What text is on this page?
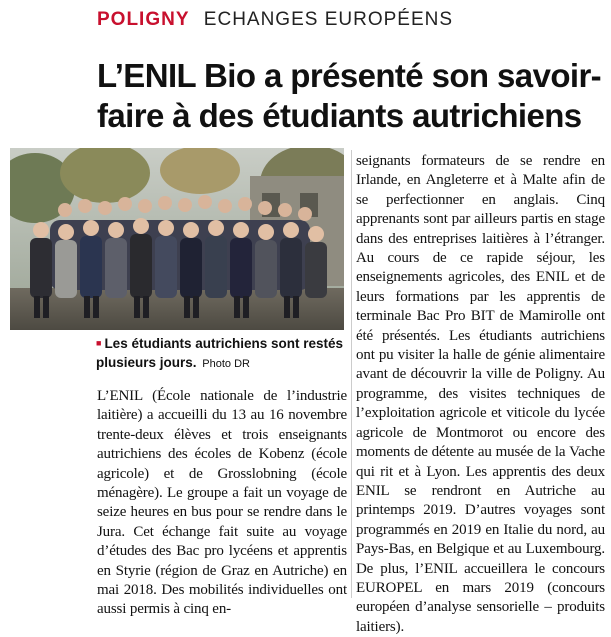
POLIGNY ECHANGES EUROPÉENS
L’ENIL Bio a présenté son savoir-faire à des étudiants autrichiens
■ Les étudiants autrichiens sont restés plusieurs jours. Photo DR
L’ENIL (École nationale de l’industrie laitière) a accueilli du 13 au 16 novembre trente-deux élèves et trois enseignants autrichiens des écoles de Kobenz (école agricole) et de Grosslobning (école ménagère). Le groupe a fait un voyage de seize heures en bus pour se rendre dans le Jura. Cet échange fait suite au voyage d’études des Bac pro lycéens et apprentis en Styrie (région de Graz en Autriche) en mai 2018. Des mobilités individuelles ont aussi permis à cinq en-
seignants formateurs de se rendre en Irlande, en Angleterre et à Malte afin de se perfectionner en anglais. Cinq apprenants sont par ailleurs partis en stage dans des entreprises laitières à l’étranger. Au cours de ce rapide séjour, les enseignements agricoles, des ENIL et de leurs formations par les apprentis de terminale Bac Pro BIT de Mamirolle ont été présentés. Les étudiants autrichiens ont pu visiter la halle de génie alimentaire avant de découvrir la ville de Poligny. Au programme, des visites techniques de l’exploitation agricole et viticole du lycée agricole de Montmorot ou encore des moments de détente au musée de la Vache qui rit et à Lyon. Les apprentis des deux ENIL se rendront en Autriche au printemps 2019. D’autres voyages sont programmés en 2019 en Italie du nord, au Pays-Bas, en Belgique et au Luxembourg. De plus, l’ENIL accueillera le concours EUROPEL en mars 2019 (concours européen d’analyse sensorielle – produits laitiers).
